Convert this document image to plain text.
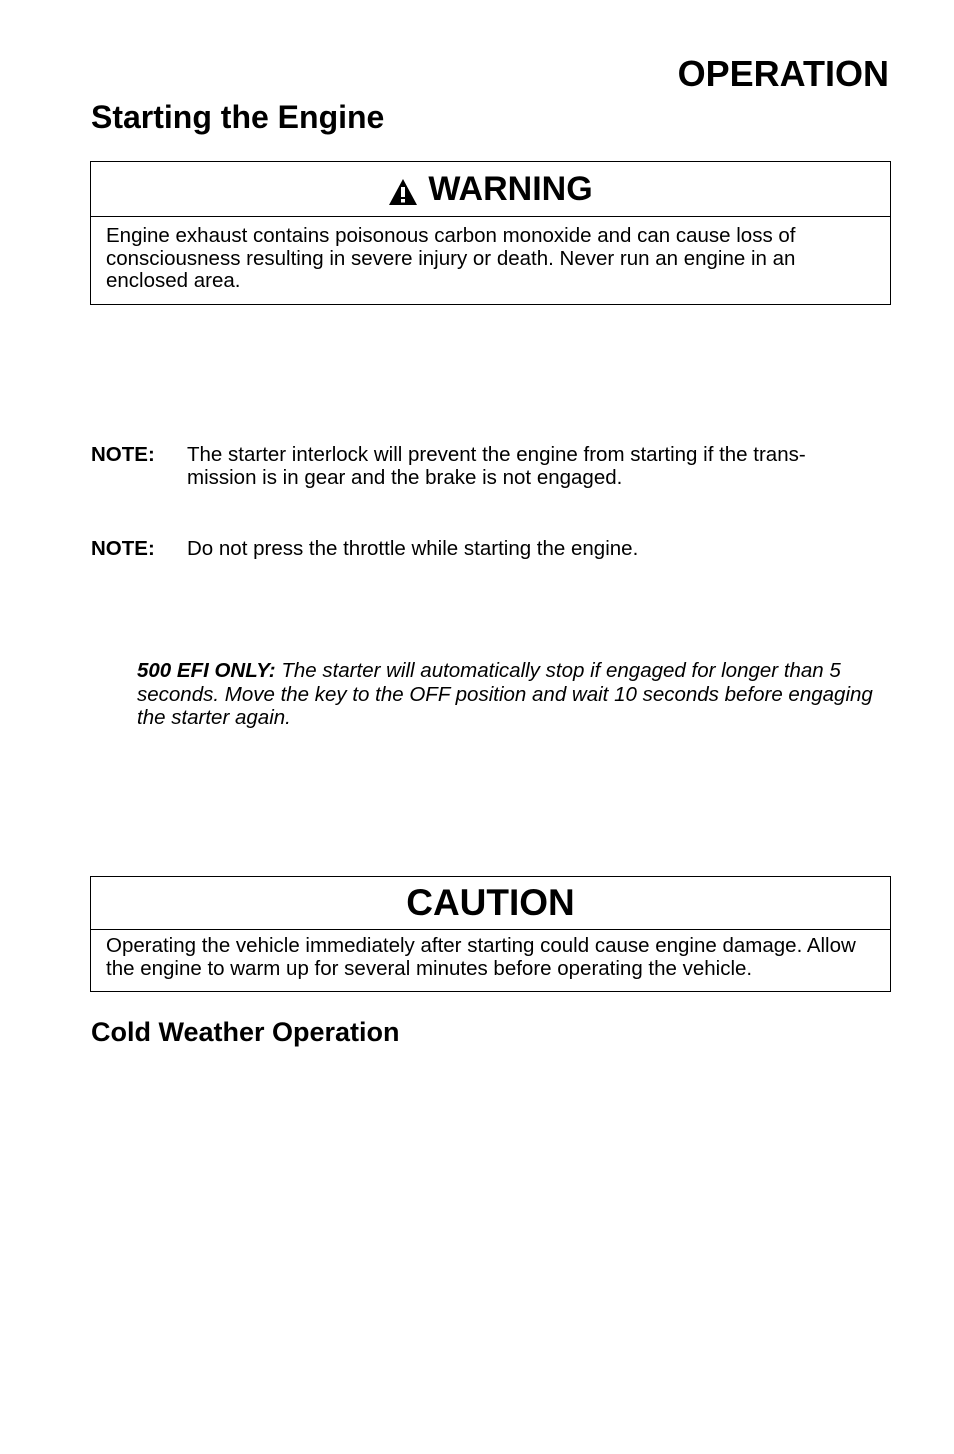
OPERATION
Starting the Engine
WARNING
Engine exhaust contains poisonous carbon monoxide and can cause loss of consciousness resulting in severe injury or death. Never run an engine in an enclosed area.
NOTE:	The starter interlock will prevent the engine from starting if the trans-mission is in gear and the brake is not engaged.
NOTE:	Do not press the throttle while starting the engine.
500 EFI ONLY: The starter will automatically stop if engaged for longer than 5 seconds. Move the key to the OFF position and wait 10 seconds before engaging the starter again.
CAUTION
Operating the vehicle immediately after starting could cause engine damage. Allow the engine to warm up for several minutes before operating the vehicle.
Cold Weather Operation
